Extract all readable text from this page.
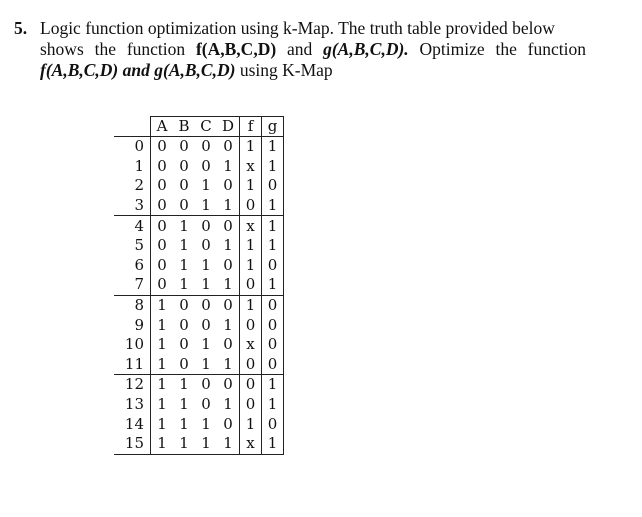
5. Logic function optimization using k-Map. The truth table provided below
shows the function f(A,B,C,D) and g(A,B,C,D). Optimize the function
f(A,B,C,D) and g(A,B,C,D) using K-Map
	A	B	C	D	f	g
0	0	0	0	0	1	1
1	0	0	0	1	x	1
2	0	0	1	0	1	0
3	0	0	1	1	0	1
4	0	1	0	0	x	1
5	0	1	0	1	1	1
6	0	1	1	0	1	0
7	0	1	1	1	0	1
8	1	0	0	0	1	0
9	1	0	0	1	0	0
10	1	0	1	0	x	0
11	1	0	1	1	0	0
12	1	1	0	0	0	1
13	1	1	0	1	0	1
14	1	1	1	0	1	0
15	1	1	1	1	x	1
